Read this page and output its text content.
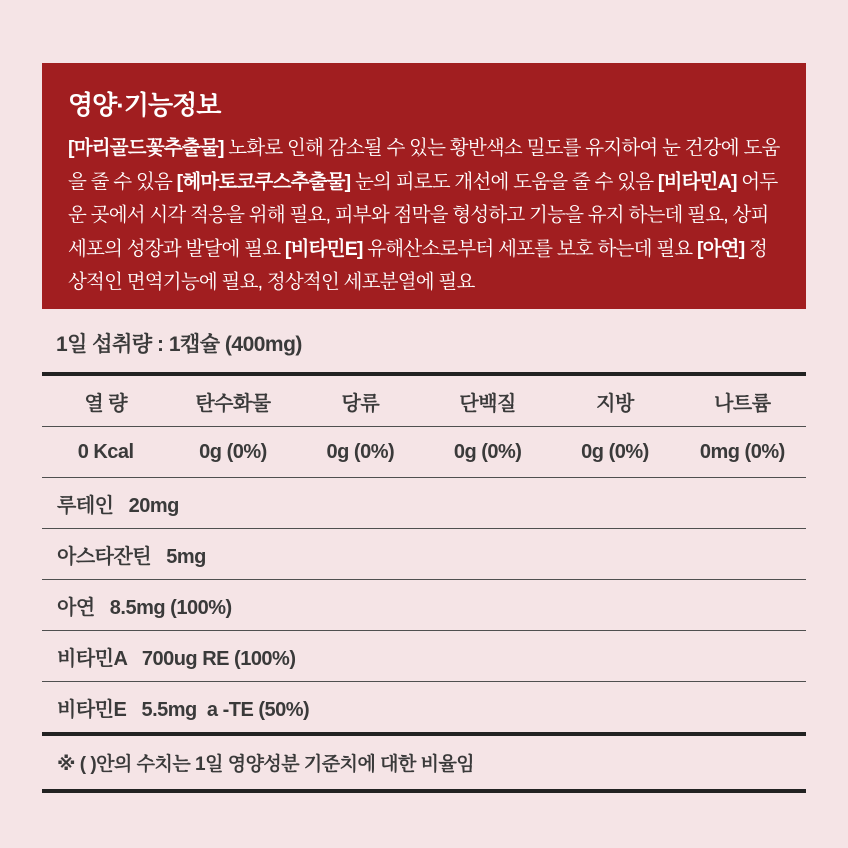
영양·기능정보

[마리골드꽃추출물] 노화로 인해 감소될 수 있는 황반색소 밀도를 유지하여 눈 건강에 도움을 줄 수 있음 [헤마토코쿠스추출물] 눈의 피로도 개선에 도움을 줄 수 있음 [비타민A] 어두운 곳에서 시각 적응을 위해 필요, 피부와 점막을 형성하고 기능을 유지 하는데 필요, 상피세포의 성장과 발달에 필요 [비타민E] 유해산소로부터 세포를 보호 하는데 필요 [아연] 정상적인 면역기능에 필요, 정상적인 세포분열에 필요

1일 섭취량 : 1캡슐 (400mg)
열 량	탄수화물	당류	단백질	지방	나트륨
0 Kcal	0g (0%)	0g (0%)	0g (0%)	0g (0%)	0mg (0%)
루테인   20mg
아스타잔틴   5mg
아연   8.5mg (100%)
비타민A   700ug RE (100%)
비타민E   5.5mg  a -TE (50%)
※ ( )안의 수치는 1일 영양성분 기준치에 대한 비율임
